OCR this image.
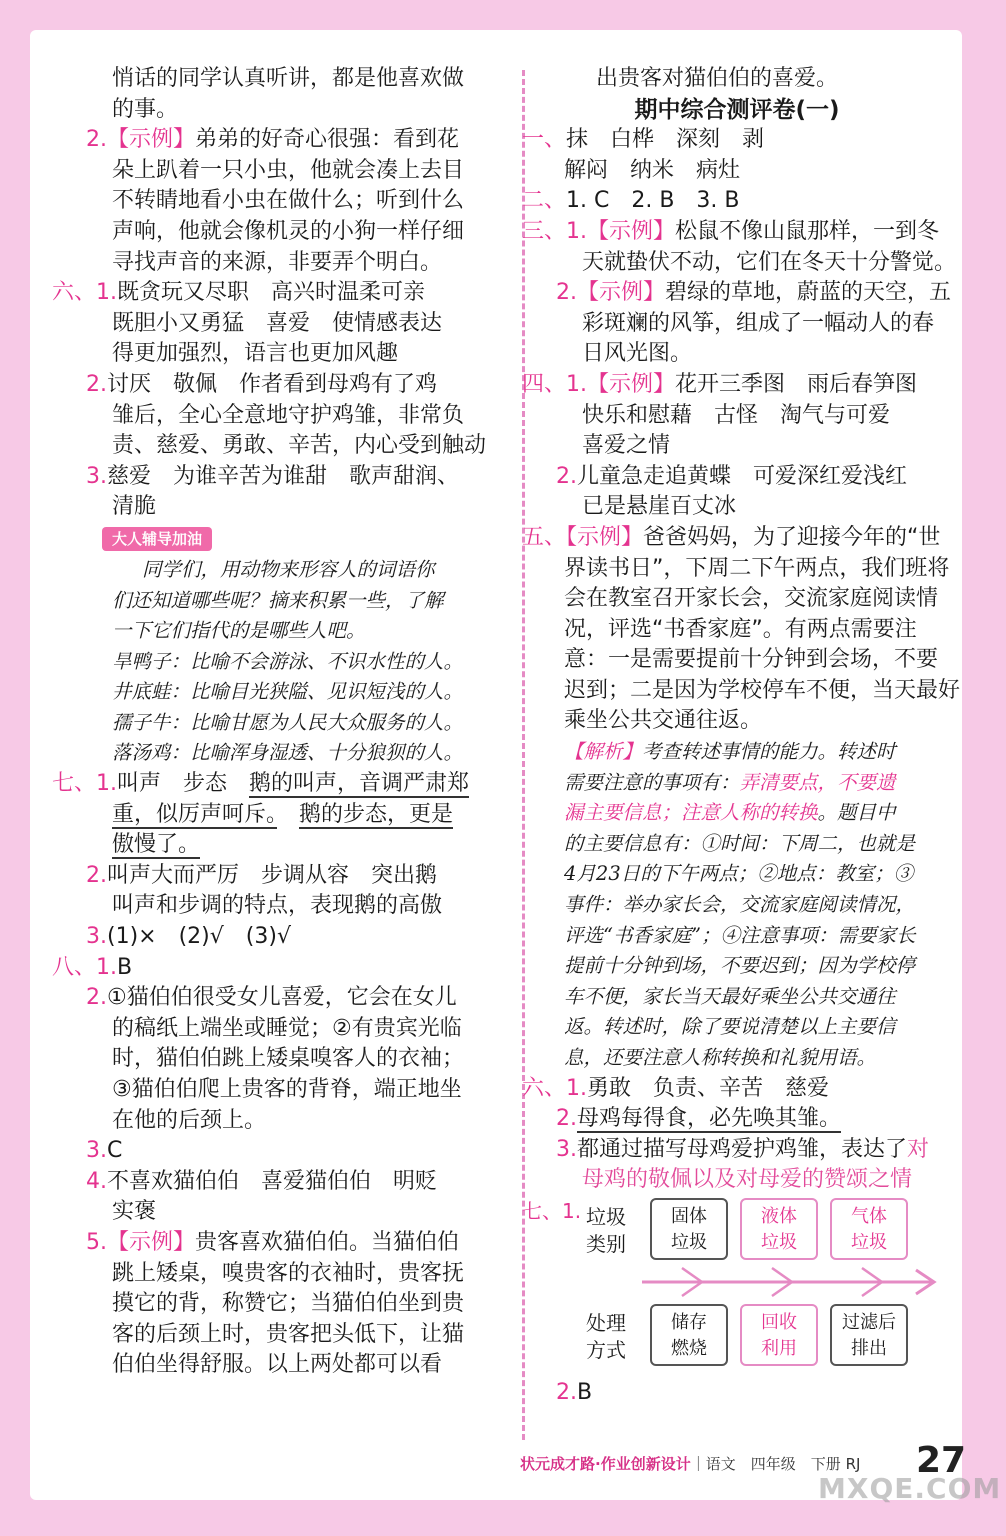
悄话的同学认真听讲，都是他喜欢做
的事。
2.【示例】弟弟的好奇心很强：看到花
朵上趴着一只小虫，他就会凑上去目
不转睛地看小虫在做什么；听到什么
声响，他就会像机灵的小狗一样仔细
寻找声音的来源，非要弄个明白。
六、1.既贪玩又尽职　高兴时温柔可亲
既胆小又勇猛　喜爱　使情感表达
得更加强烈，语言也更加风趣
2.讨厌　敬佩　作者看到母鸡有了鸡
雏后，全心全意地守护鸡雏，非常负
责、慈爱、勇敢、辛苦，内心受到触动
3.慈爱　为谁辛苦为谁甜　歌声甜润、
清脆
大人辅导加油
同学们，用动物来形容人的词语你
们还知道哪些呢？摘来积累一些，了解
一下它们指代的是哪些人吧。
旱鸭子：比喻不会游泳、不识水性的人。
井底蛙：比喻目光狭隘、见识短浅的人。
孺子牛：比喻甘愿为人民大众服务的人。
落汤鸡：比喻浑身湿透、十分狼狈的人。
七、1.叫声　步态　鹅的叫声，音调严肃郑
重，似厉声呵斥。　 鹅的步态，更是
傲慢了。
2.叫声大而严厉　步调从容　突出鹅
叫声和步调的特点，表现鹅的高傲
3.(1)×　(2)√　(3)√
八、1.B
2.①猫伯伯很受女儿喜爱，它会在女儿
的稿纸上端坐或睡觉；②有贵宾光临
时，猫伯伯跳上矮桌嗅客人的衣袖；
③猫伯伯爬上贵客的背脊，端正地坐
在他的后颈上。
3.C
4.不喜欢猫伯伯　喜爱猫伯伯　明贬
实褒
5.【示例】贵客喜欢猫伯伯。当猫伯伯
跳上矮桌，嗅贵客的衣袖时，贵客抚
摸它的背，称赞它；当猫伯伯坐到贵
客的后颈上时，贵客把头低下，让猫
伯伯坐得舒服。以上两处都可以看
出贵客对猫伯伯的喜爱。
期中综合测评卷(一)
一、抹　白桦　深刻　剥
解闷　纳米　病灶
二、1. C　2. B　3. B
三、1.【示例】松鼠不像山鼠那样，一到冬
天就蛰伏不动，它们在冬天十分警觉。
2.【示例】碧绿的草地，蔚蓝的天空，五
彩斑斓的风筝，组成了一幅动人的春
日风光图。
四、1.【示例】花开三季图　雨后春笋图
快乐和慰藉　古怪　淘气与可爱
喜爱之情
2.儿童急走追黄蝶　可爱深红爱浅红
已是悬崖百丈冰
五、【示例】爸爸妈妈，为了迎接今年的“世
界读书日”，下周二下午两点，我们班将
会在教室召开家长会，交流家庭阅读情
况，评选“书香家庭”。有两点需要注
意：一是需要提前十分钟到会场，不要
迟到；二是因为学校停车不便，当天最好
乘坐公共交通往返。
【解析】考查转述事情的能力。转述时
需要注意的事项有：弄清要点，不要遗
漏主要信息；注意人称的转换。题目中
的主要信息有：①时间：下周二，也就是
4月23日的下午两点；②地点：教室；③
事件：举办家长会，交流家庭阅读情况，
评选“书香家庭”；④注意事项：需要家长
提前十分钟到场，不要迟到；因为学校停
车不便，家长当天最好乘坐公共交通往
返。转述时，除了要说清楚以上主要信
息，还要注意人称转换和礼貌用语。
六、1.勇敢　负责、辛苦　慈爱
2.母鸡每得食，必先唤其雏。
3.都通过描写母鸡爱护鸡雏，表达了对
母鸡的敬佩以及对母爱的赞颂之情
七、1. 垃圾
类别
固体
垃圾
液体
垃圾
气体
垃圾
处理
方式
储存
燃烧
回收
利用
过滤后
排出
2.B
状元成才路·作业创新设计｜语文　 四年级　 下册 RJ 27
MXQE.COM
